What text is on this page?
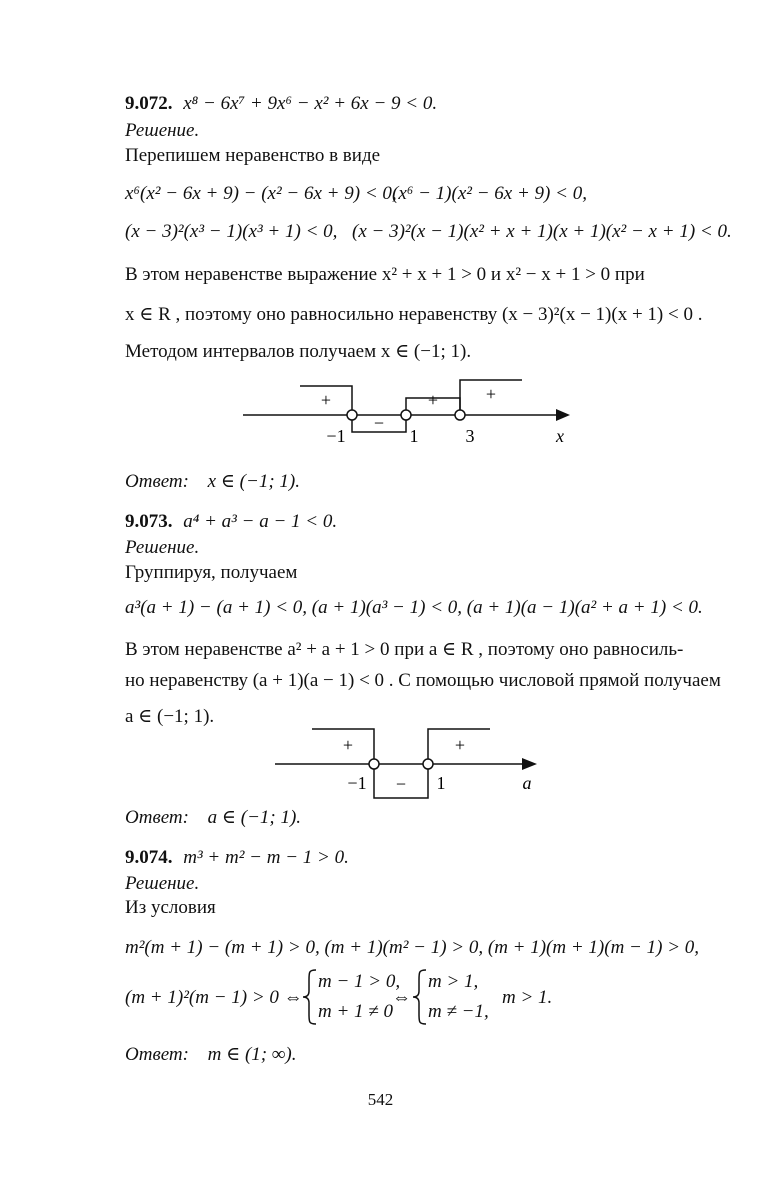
9.072. x⁸ − 6x⁷ + 9x⁶ − x² + 6x − 9 < 0.
Решение.
Перепишем неравенство в виде
x⁶(x² − 6x + 9) − (x² − 6x + 9) < 0,
(x⁶ − 1)(x² − 6x + 9) < 0,
(x − 3)²(x³ − 1)(x³ + 1) < 0, (x − 3)²(x − 1)(x² + x + 1)(x + 1)(x² − x + 1) < 0.
В этом неравенстве выражение x² + x + 1 > 0 и x² − x + 1 > 0 при
x ∈ R , поэтому оно равносильно неравенству (x − 3)²(x − 1)(x + 1) < 0 .
Методом интервалов получаем x ∈ (−1; 1).
+
−
+	+
−1	1	3	x
Ответ: x ∈ (−1; 1).
9.073. a⁴ + a³ − a − 1 < 0.
Решение.
Группируя, получаем
a³(a + 1) − (a + 1) < 0, (a + 1)(a³ − 1) < 0, (a + 1)(a − 1)(a² + a + 1) < 0.
В этом неравенстве a² + a + 1 > 0 при a ∈ R , поэтому оно равносиль-
но неравенству (a + 1)(a − 1) < 0 . С помощью числовой прямой получаем
a ∈ (−1; 1).
+
−
+
−1	1	a
Ответ: a ∈ (−1; 1).
9.074. m³ + m² − m − 1 > 0.
Решение.
Из условия
m²(m + 1) − (m + 1) > 0, (m + 1)(m² − 1) > 0, (m + 1)(m + 1)(m − 1) > 0,
(m + 1)²(m − 1) > 0 ⇔
m − 1 > 0,
m + 1 ≠ 0
⇔
m > 1,
m ≠ −1,
m > 1.
Ответ: m ∈ (1; ∞).
542
